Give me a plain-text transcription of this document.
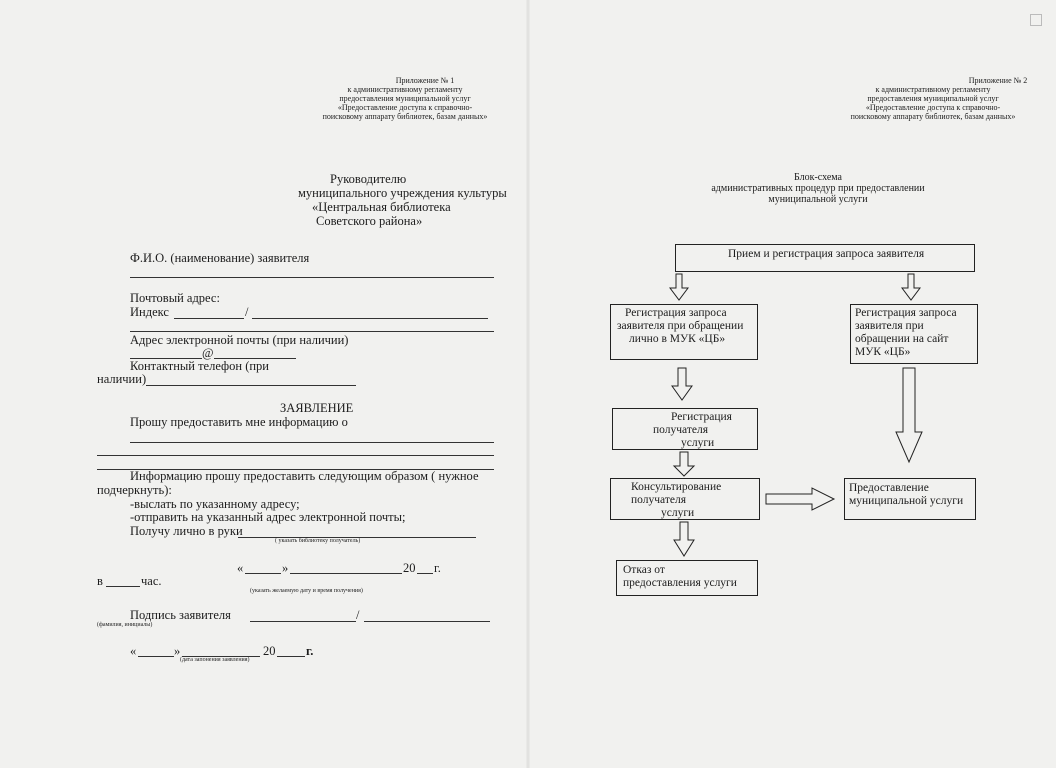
Приложение № 1
к административному регламенту
предоставления муниципальной услуг
«Предоставление доступа к справочно-
поисковому аппарату библиотек, базам данных»
Руководителю
муниципального учреждения культуры
«Центральная библиотека
Советского района»
Ф.И.О. (наименование) заявителя
Почтовый адрес:
Индекс	/
Адрес электронной почты (при наличии)
@
Контактный телефон (при
наличии)
ЗАЯВЛЕНИЕ
Прошу предоставить мне информацию о
Информацию прошу предоставить следующим образом ( нужное
подчеркнуть):
-выслать по указанному адресу;
-отправить на указанный адрес электронной почты;
Получу лично в руки
( указать библиотеку получатель)
«	»	20 г.
в	час.
(указать желаемую дату и время получения)
Подпись заявителя	/
(фамилия, инициалы)
«	»	20 г.
(дата запонения заявления)
Приложение № 2
к административному регламенту
предоставления муниципальной услуг
«Предоставление доступа к справочно-
поисковому аппарату библиотек, базам данных»
Блок-схема
административных процедур при предоставлении
муниципальной услуги
Прием и регистрация запроса заявителя
Регистрация запроса
заявителя при обращении
лично в МУК «ЦБ»
Регистрация запроса
заявителя при
обращении на сайт
МУК «ЦБ»
Регистрация
получателя
услуги
Консультирование
получателя
услуги
Предоставление
муниципальной услуги
Отказ от
предоставления услуги
